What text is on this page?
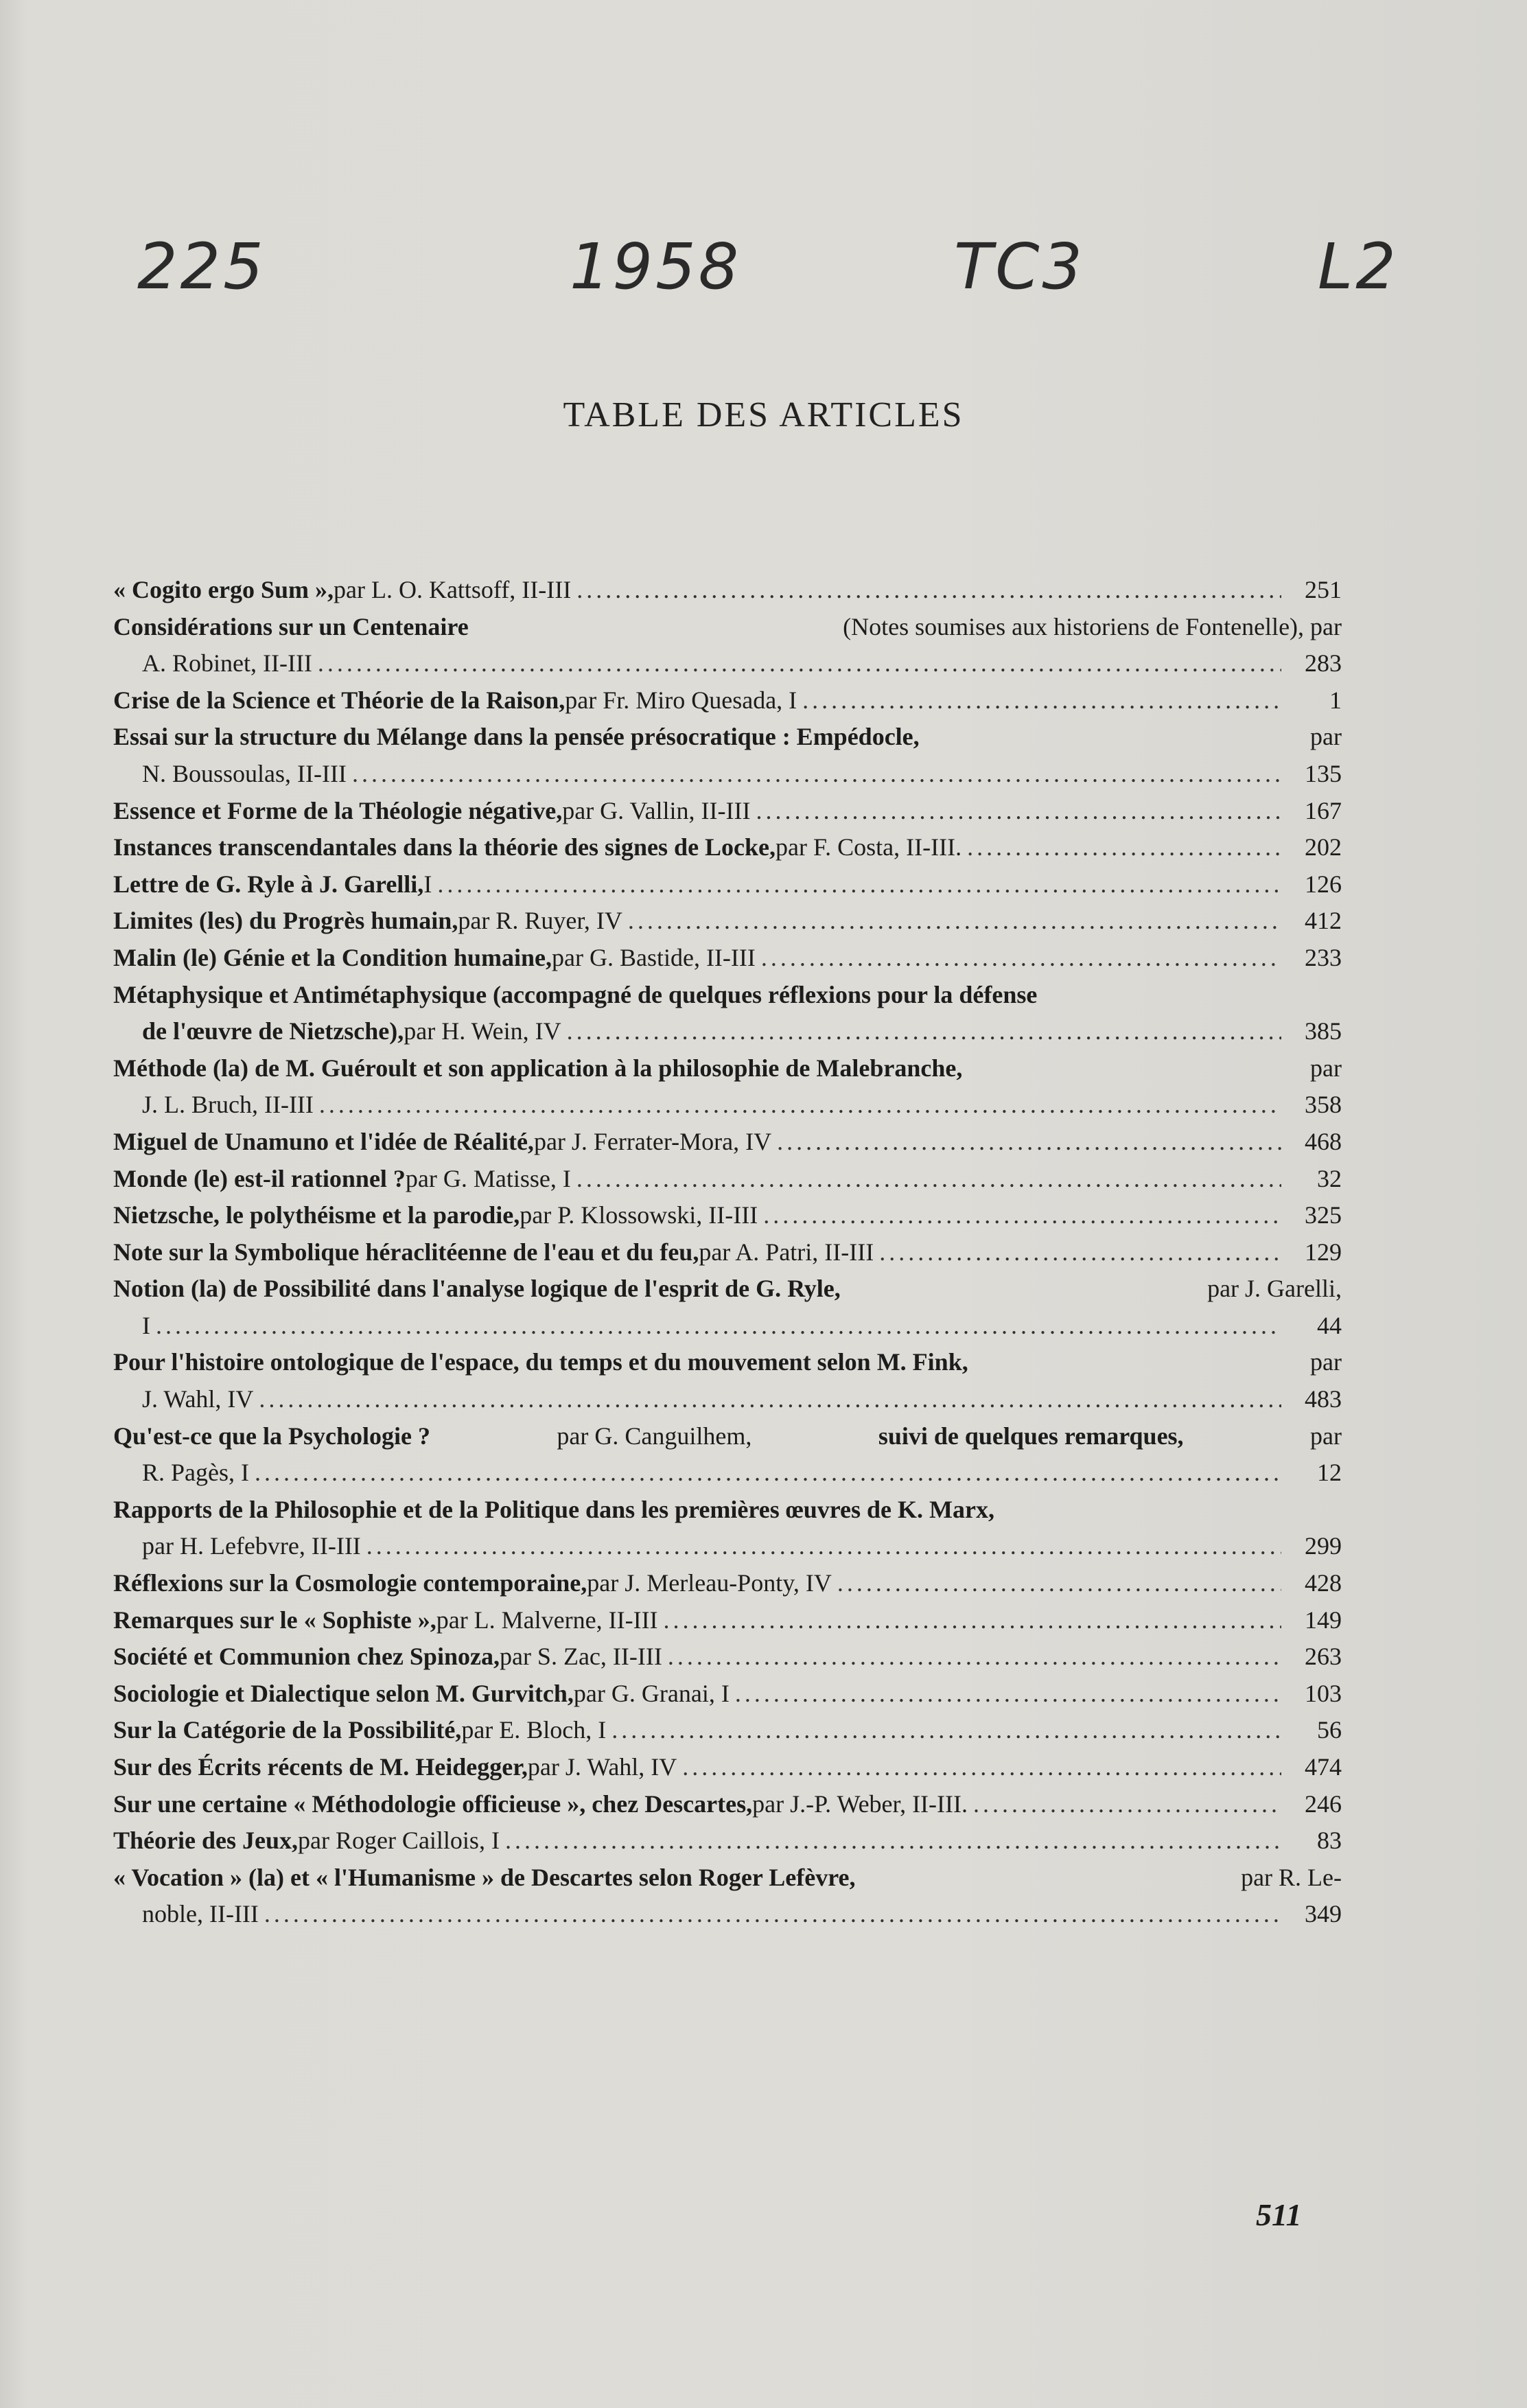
225	1958	TC3	L2
TABLE DES ARTICLES
« Cogito ergo Sum », par L. O. Kattsoff, II-III .....	251
Considérations sur un Centenaire	(Notes soumises aux historiens de Fontenelle), par
A. Robinet, II-III .....	283
Crise de la Science et Théorie de la Raison, par Fr. Miro Quesada, I .....	1
Essai sur la structure du Mélange dans la pensée présocratique : Empédocle,	par
N. Boussoulas, II-III .....	135
Essence et Forme de la Théologie négative, par G. Vallin, II-III .....	167
Instances transcendantales dans la théorie des signes de Locke, par F. Costa, II-III. .....	202
Lettre de G. Ryle à J. Garelli, I .....	126
Limites (les) du Progrès humain, par R. Ruyer, IV .....	412
Malin (le) Génie et la Condition humaine, par G. Bastide, II-III .....	233
Métaphysique et Antimétaphysique (accompagné de quelques réflexions pour la défense
de l'œuvre de Nietzsche), par H. Wein, IV .....	385
Méthode (la) de M. Guéroult et son application à la philosophie de Malebranche,	par
J. L. Bruch, II-III .....	358
Miguel de Unamuno et l'idée de Réalité, par J. Ferrater-Mora, IV .....	468
Monde (le) est-il rationnel ? par G. Matisse, I .....	32
Nietzsche, le polythéisme et la parodie, par P. Klossowski, II-III .....	325
Note sur la Symbolique héraclitéenne de l'eau et du feu, par A. Patri, II-III .....	129
Notion (la) de Possibilité dans l'analyse logique de l'esprit de G. Ryle,	par J. Garelli,
I .....	44
Pour l'histoire ontologique de l'espace, du temps et du mouvement selon M. Fink,	par
J. Wahl, IV .....	483
Qu'est-ce que la Psychologie ?	par G. Canguilhem,	suivi de quelques remarques,	par
R. Pagès, I .....	12
Rapports de la Philosophie et de la Politique dans les premières œuvres de K. Marx,
par H. Lefebvre, II-III .....	299
Réflexions sur la Cosmologie contemporaine, par J. Merleau-Ponty, IV .....	428
Remarques sur le « Sophiste », par L. Malverne, II-III .....	149
Société et Communion chez Spinoza, par S. Zac, II-III .....	263
Sociologie et Dialectique selon M. Gurvitch, par G. Granai, I .....	103
Sur la Catégorie de la Possibilité, par E. Bloch, I .....	56
Sur des Écrits récents de M. Heidegger, par J. Wahl, IV .....	474
Sur une certaine « Méthodologie officieuse », chez Descartes, par J.-P. Weber, II-III. .....	246
Théorie des Jeux, par Roger Caillois, I .....	83
« Vocation » (la) et « l'Humanisme » de Descartes selon Roger Lefèvre,	par R. Le-
noble, II-III .....	349
511
